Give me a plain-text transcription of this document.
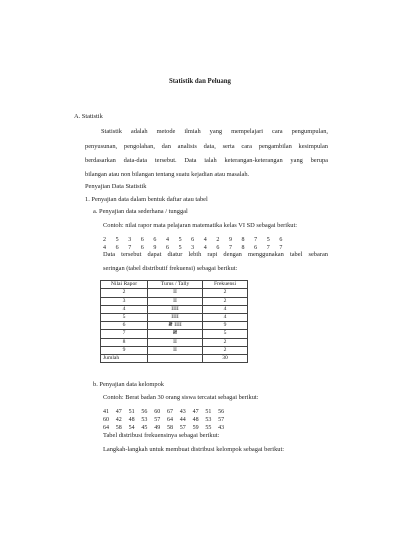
Statistik dan Peluang
A. Statistik
Statistik adalah metode ilmiah yang mempelajari cara pengumpulan,
penyusunan, pengolahan, dan analisis data, serta cara pengambilan kesimpulan
berdasarkan data-data tersebut. Data ialah keterangan-keterangan yang berupa
bilangan atau non bilangan tentang suatu kejadian atau masalah.
Penyajian Data Statistik
1. Penyajian data dalam bentuk daftar atau tabel
a. Penyajian data sederhana / tunggal
Contoh: nilai rapor mata pelajaran matematika kelas VI SD sebagai berikut:
2 5 3 6 6 4 5 6 4 2 9 8 7 5 6
4 6 7 6 9 6 5 3 4 6 7 8 6 7 7
Data tersebut dapat diatur lebih rapi dengan menggunakan tabel sebaran
seringan (tabel distributif frekuensi) sebagai berikut:
Nilai Rapor	Turus / Tally	Frekuensi
2	II	2
3	II	2
4	IIII	4
5	IIII	4
6	𝍸 IIII	9
7	𝍸	5
8	II	2
9	II	2
Jumlah		30
b. Penyajian data kelompok
Contoh: Berat badan 30 orang siswa tercatat sebagai berikut:
41 47 51 56 60 67 43 47 51 56
60 42 48 53 57 64 44 48 53 57
64 58 54 45 49 58 57 59 55 43
Tabel distribusi frekuensinya sebagai berikut:
Langkah-langkah untuk membuat distribusi kelompok sebagai berikut:
